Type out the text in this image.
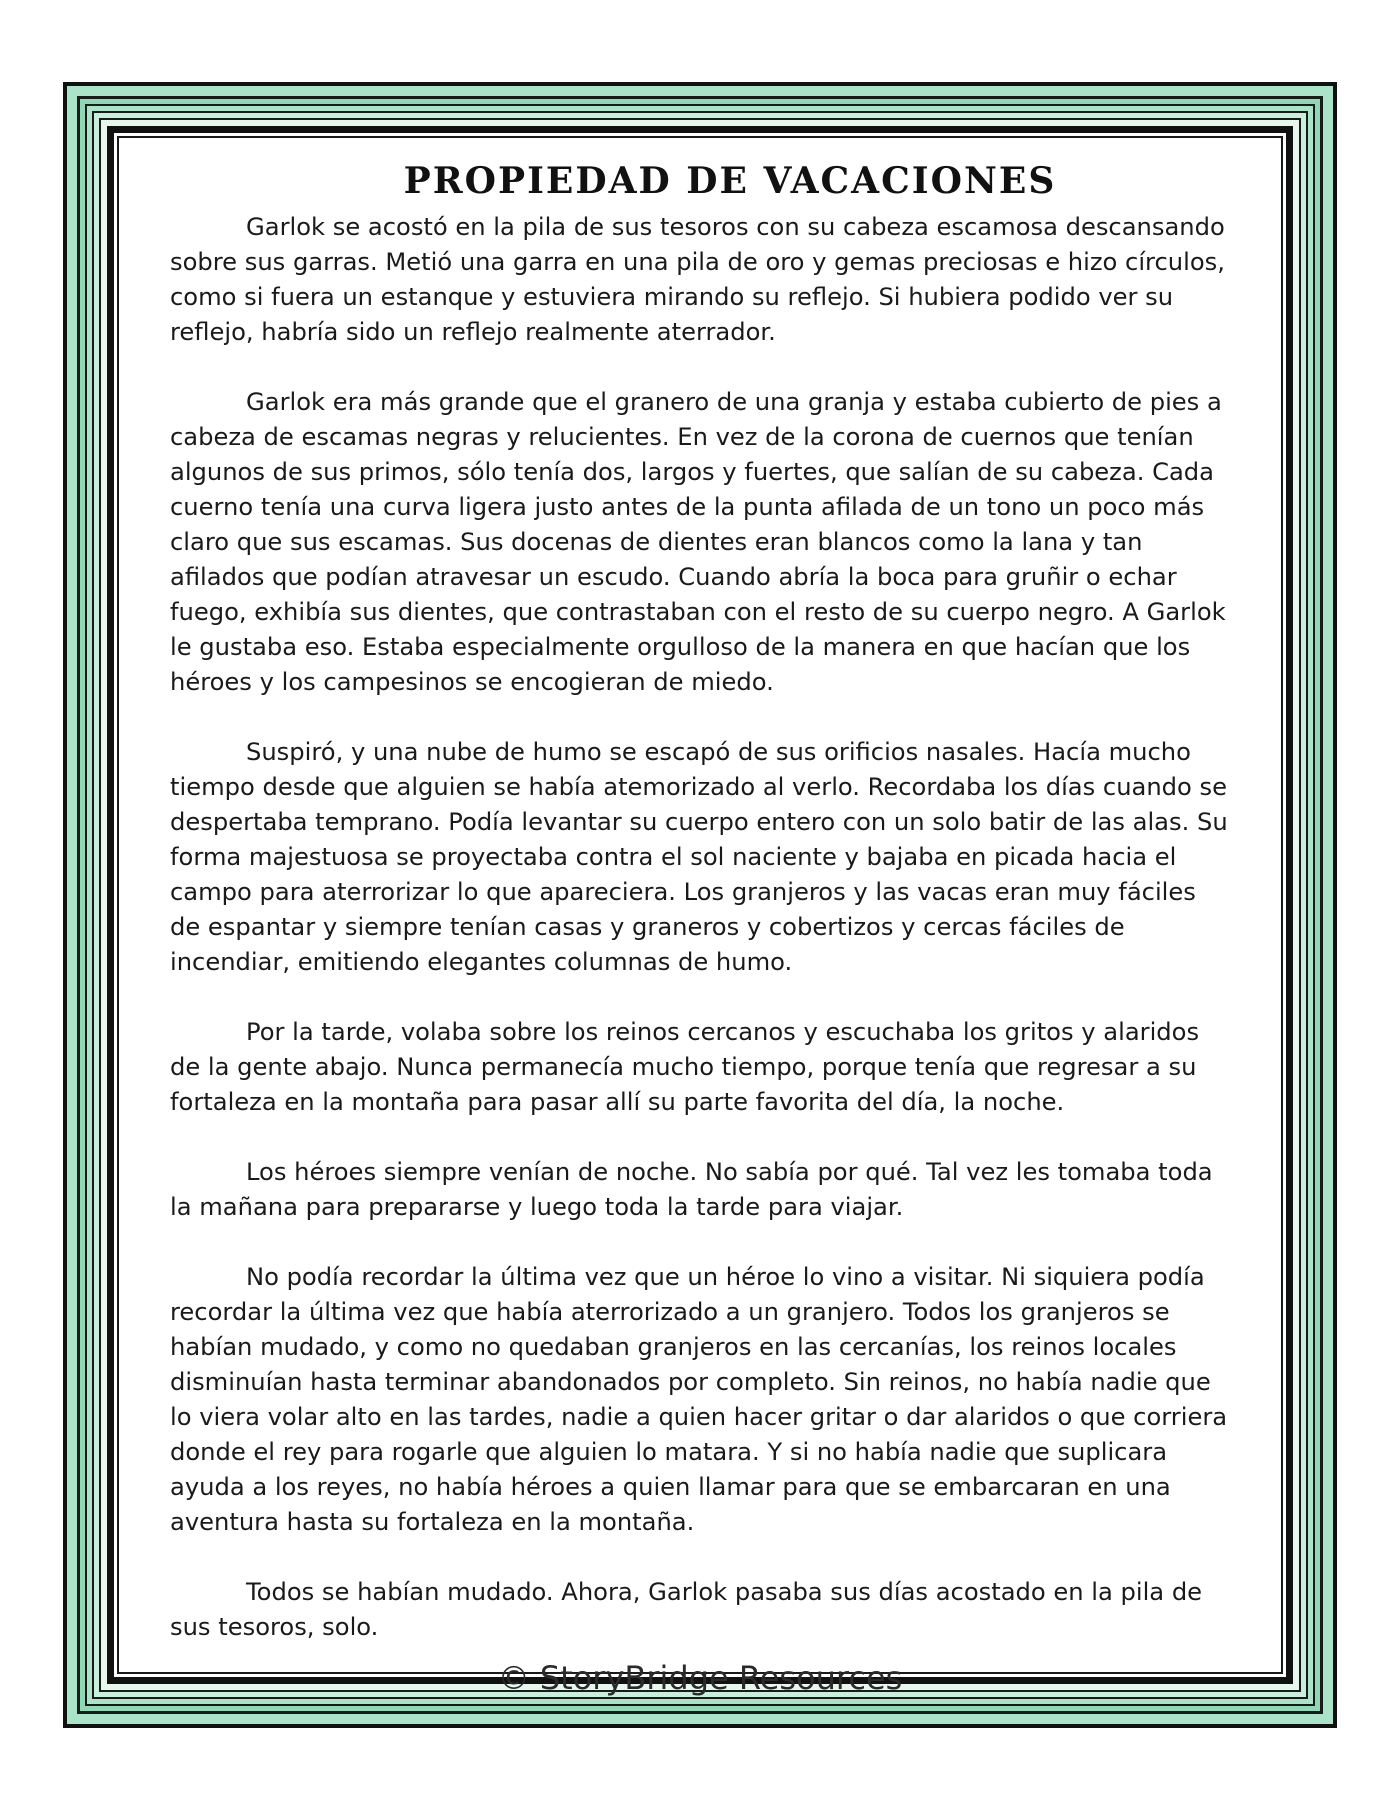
PROPIEDAD DE VACACIONES

Garlok se acostó en la pila de sus tesoros con su cabeza escamosa descansando sobre sus garras. Metió una garra en una pila de oro y gemas preciosas e hizo círculos, como si fuera un estanque y estuviera mirando su reflejo. Si hubiera podido ver su reflejo, habría sido un reflejo realmente aterrador.

Garlok era más grande que el granero de una granja y estaba cubierto de pies a cabeza de escamas negras y relucientes. En vez de la corona de cuernos que tenían algunos de sus primos, sólo tenía dos, largos y fuertes, que salían de su cabeza. Cada cuerno tenía una curva ligera justo antes de la punta afilada de un tono un poco más claro que sus escamas. Sus docenas de dientes eran blancos como la lana y tan afilados que podían atravesar un escudo. Cuando abría la boca para gruñir o echar fuego, exhibía sus dientes, que contrastaban con el resto de su cuerpo negro. A Garlok le gustaba eso. Estaba especialmente orgulloso de la manera en que hacían que los héroes y los campesinos se encogieran de miedo.

Suspiró, y una nube de humo se escapó de sus orificios nasales. Hacía mucho tiempo desde que alguien se había atemorizado al verlo. Recordaba los días cuando se despertaba temprano. Podía levantar su cuerpo entero con un solo batir de las alas. Su forma majestuosa se proyectaba contra el sol naciente y bajaba en picada hacia el campo para aterrorizar lo que apareciera. Los granjeros y las vacas eran muy fáciles de espantar y siempre tenían casas y graneros y cobertizos y cercas fáciles de incendiar, emitiendo elegantes columnas de humo.

Por la tarde, volaba sobre los reinos cercanos y escuchaba los gritos y alaridos de la gente abajo. Nunca permanecía mucho tiempo, porque tenía que regresar a su fortaleza en la montaña para pasar allí su parte favorita del día, la noche.

Los héroes siempre venían de noche. No sabía por qué. Tal vez les tomaba toda la mañana para prepararse y luego toda la tarde para viajar.

No podía recordar la última vez que un héroe lo vino a visitar. Ni siquiera podía recordar la última vez que había aterrorizado a un granjero. Todos los granjeros se habían mudado, y como no quedaban granjeros en las cercanías, los reinos locales disminuían hasta terminar abandonados por completo. Sin reinos, no había nadie que lo viera volar alto en las tardes, nadie a quien hacer gritar o dar alaridos o que corriera donde el rey para rogarle que alguien lo matara. Y si no había nadie que suplicara ayuda a los reyes, no había héroes a quien llamar para que se embarcaran en una aventura hasta su fortaleza en la montaña.

Todos se habían mudado. Ahora, Garlok pasaba sus días acostado en la pila de sus tesoros, solo.

© StoryBridge Resources
